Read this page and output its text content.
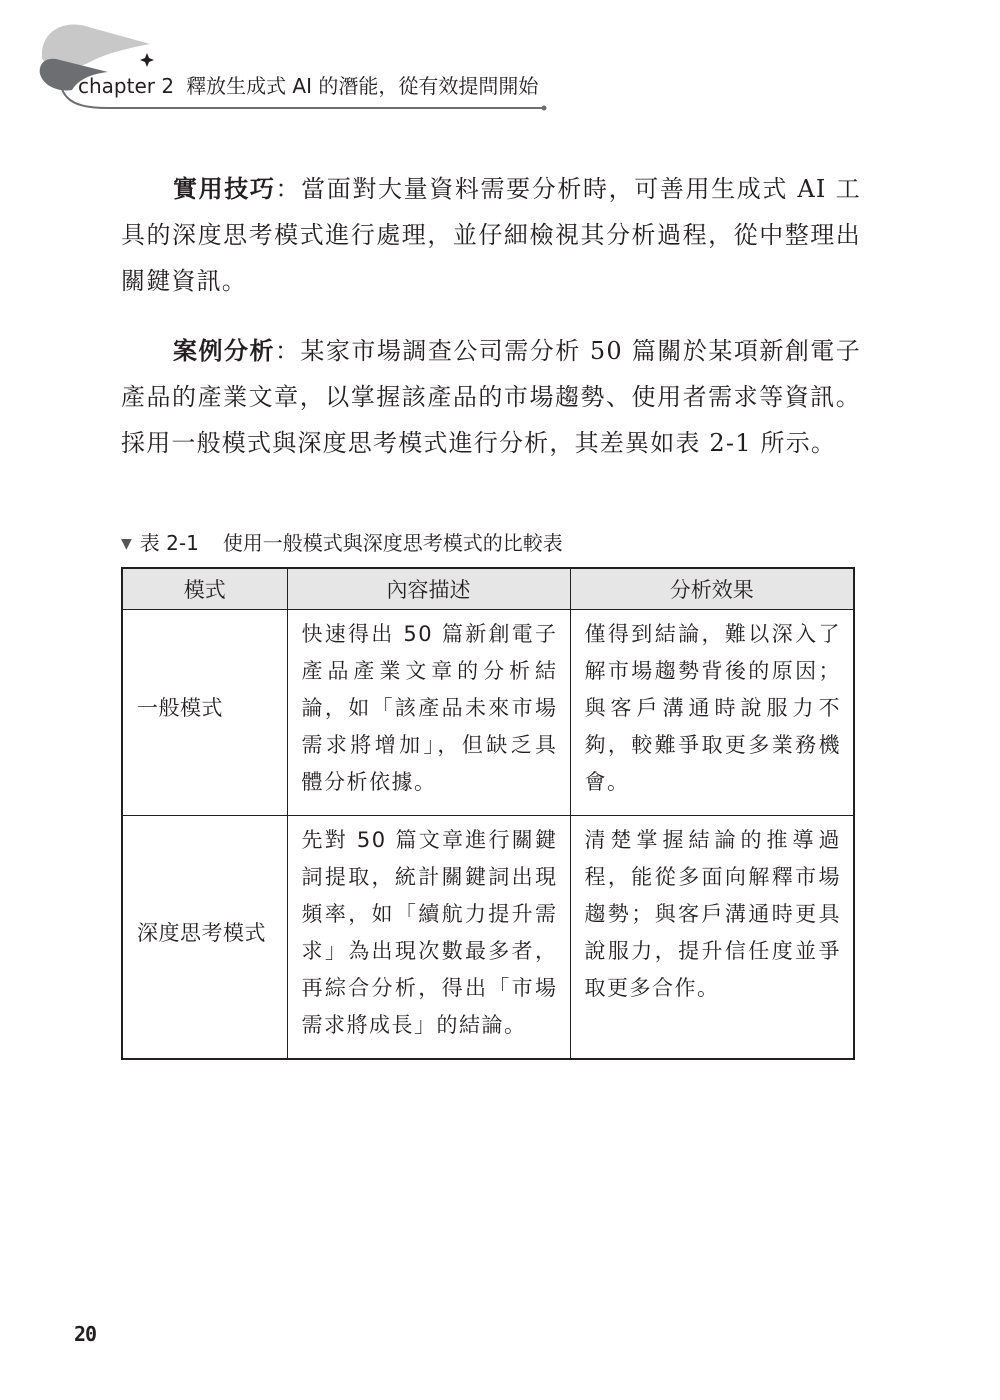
chapter 2 釋放生成式 AI 的潛能，從有效提問開始

實用技巧：當面對大量資料需要分析時，可善用生成式 AI 工具的深度思考模式進行處理，並仔細檢視其分析過程，從中整理出關鍵資訊。

案例分析：某家市場調查公司需分析 50 篇關於某項新創電子產品的產業文章，以掌握該產品的市場趨勢、使用者需求等資訊。採用一般模式與深度思考模式進行分析，其差異如表 2-1 所示。

▼ 表 2-1 使用一般模式與深度思考模式的比較表
模式	內容描述	分析效果
一般模式	快速得出 50 篇新創電子產品產業文章的分析結論，如「該產品未來市場需求將增加」，但缺乏具體分析依據。	僅得到結論，難以深入了解市場趨勢背後的原因；與客戶溝通時說服力不夠，較難爭取更多業務機會。
深度思考模式	先對 50 篇文章進行關鍵詞提取，統計關鍵詞出現頻率，如「續航力提升需求」為出現次數最多者，再綜合分析，得出「市場需求將成長」的結論。	清楚掌握結論的推導過程，能從多面向解釋市場趨勢；與客戶溝通時更具說服力，提升信任度並爭取更多合作。
20
